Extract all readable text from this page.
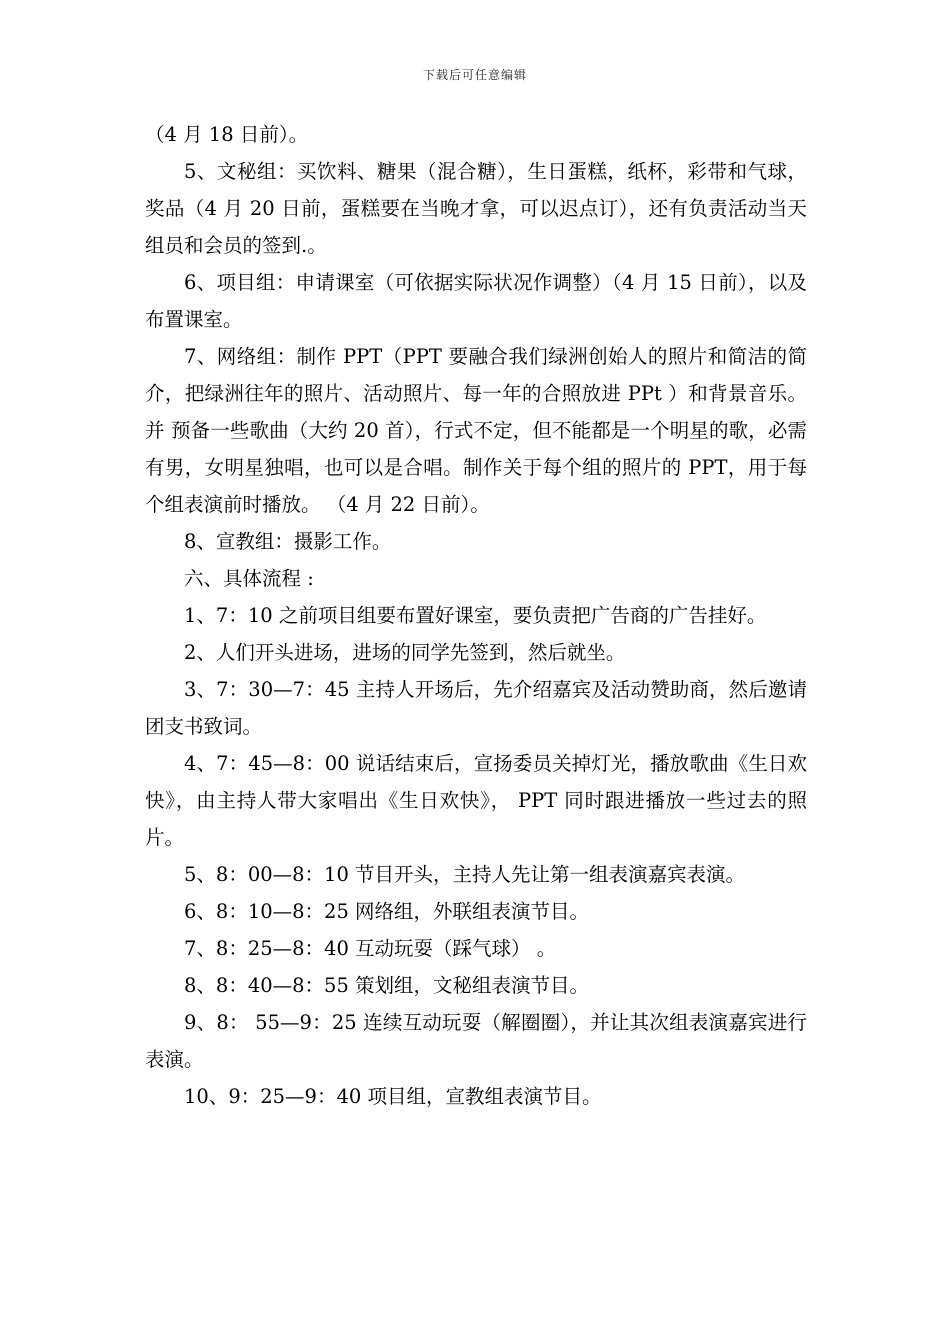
下载后可任意编辑

（4 月 18 日前）。

5、文秘组：买饮料、糖果（混合糖），生日蛋糕，纸杯，彩带和气球，奖品（4 月 20 日前，蛋糕要在当晚才拿，可以迟点订），还有负责活动当天组员和会员的签到.。

6、项目组：申请课室（可依据实际状况作调整）（4 月 15 日前），以及布置课室。

7、网络组：制作 PPT（PPT 要融合我们绿洲创始人的照片和简洁的简介，把绿洲往年的照片、活动照片、每一年的合照放进 PPt ）和背景音乐。并 预备一些歌曲（大约 20 首），行式不定，但不能都是一个明星的歌，必需有男，女明星独唱，也可以是合唱。制作关于每个组的照片的 PPT，用于每个组表演前时播放。 （4 月 22 日前）。

8、宣教组：摄影工作。

六、具体流程 :

1、7：10 之前项目组要布置好课室，要负责把广告商的广告挂好。

2、人们开头进场，进场的同学先签到，然后就坐。

3、7：30—7：45 主持人开场后，先介绍嘉宾及活动赞助商，然后邀请团支书致词。

4、7：45—8：00 说话结束后，宣扬委员关掉灯光，播放歌曲《生日欢快》，由主持人带大家唱出《生日欢快》， PPT 同时跟进播放一些过去的照片。

5、8：00—8：10 节目开头，主持人先让第一组表演嘉宾表演。

6、8：10—8：25 网络组，外联组表演节目。

7、8：25—8：40 互动玩耍（踩气球） 。

8、8：40—8：55 策划组，文秘组表演节目。

9、8： 55—9：25 连续互动玩耍（解圈圈），并让其次组表演嘉宾进行表演。

10、9：25—9：40 项目组，宣教组表演节目。
